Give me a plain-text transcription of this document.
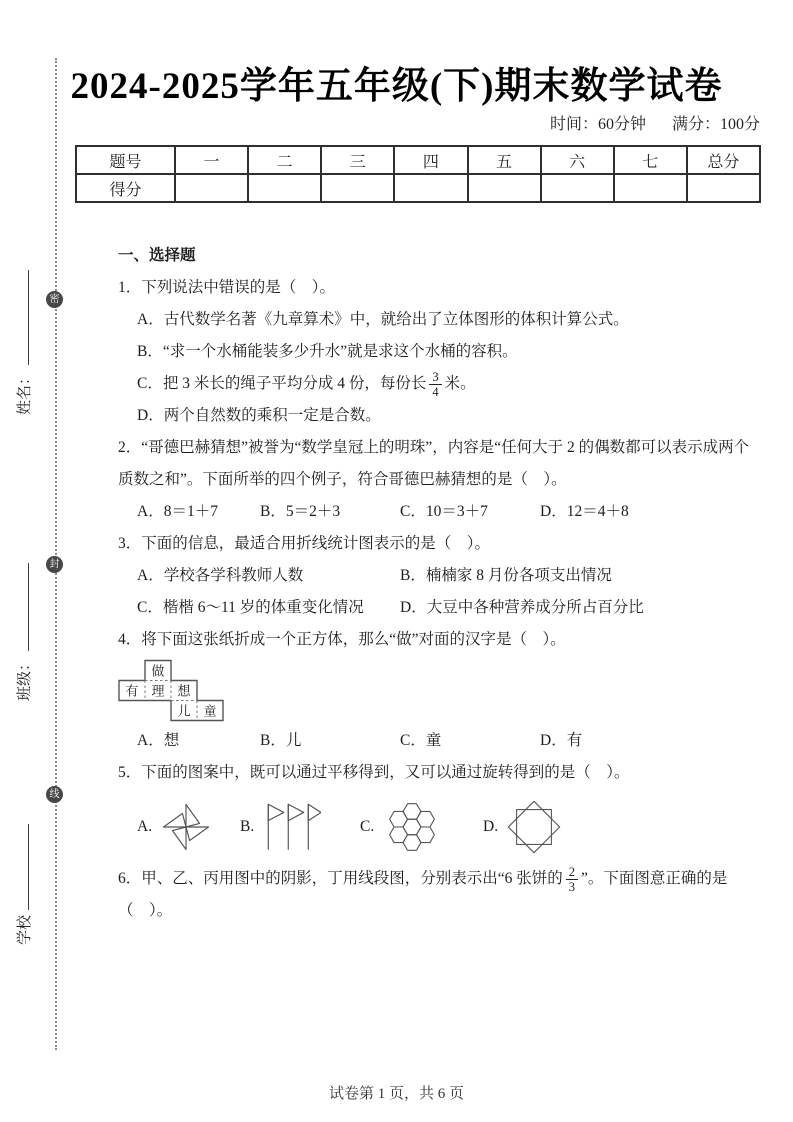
密
封
线
姓名：
班级：
学校
2024-2025学年五年级(下)期末数学试卷
时间：60分钟 满分：100分
题号	一	二	三	四	五	六	七	总分
得分								

一、选择题

1．下列说法中错误的是（　）。

A．古代数学名著《九章算术》中，就给出了立体图形的体积计算公式。

B．“求一个水桶能装多少升水”就是求这个水桶的容积。

C．把 3 米长的绳子平均分成 4 份，每份长 $\frac{3}{4}$ 米。

D．两个自然数的乘积一定是合数。

2．“哥德巴赫猜想”被誉为“数学皇冠上的明珠”，内容是“任何大于 2 的偶数都可以表示成两个质数之和”。下面所举的四个例子，符合哥德巴赫猜想的是（　）。

A．8＝1＋7	B．5＝2＋3	C．10＝3＋7	D．12＝4＋8

3．下面的信息，最适合用折线统计图表示的是（　）。

A．学校各学科教师人数	B．楠楠家 8 月份各项支出情况
C．楷楷 6～11 岁的体重变化情况	D．大豆中各种营养成分所占百分比

4．将下面这张纸折成一个正方体，那么“做”对面的汉字是（　）。

做
有 理 想
儿 童
A．想	B．儿	C．童	D．有

5．下面的图案中，既可以通过平移得到，又可以通过旋转得到的是（　）。

A.	B.	C.	D.

6．甲、乙、丙用图中的阴影，丁用线段图，分别表示出“6 张饼的 $\frac{2}{3}$ ”。下面图意正确的是

（　）。

试卷第 1 页，共 6 页
